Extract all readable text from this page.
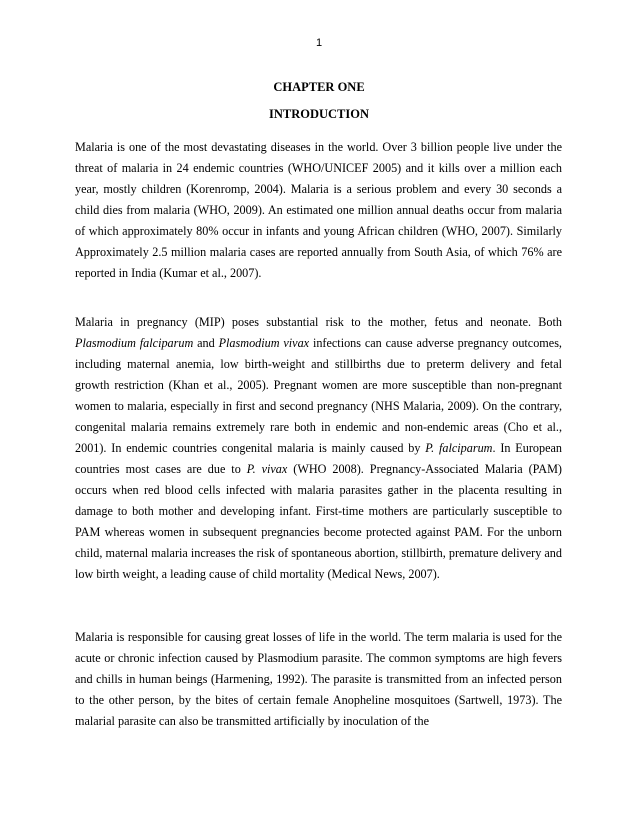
1
CHAPTER ONE
INTRODUCTION

Malaria is one of the most devastating diseases in the world. Over 3 billion people live under the threat of malaria in 24 endemic countries (WHO/UNICEF 2005) and it kills over a million each year, mostly children (Korenromp, 2004). Malaria is a serious problem and every 30 seconds a child dies from malaria (WHO, 2009). An estimated one million annual deaths occur from malaria of which approximately 80% occur in infants and young African children (WHO, 2007). Similarly Approximately 2.5 million malaria cases are reported annually from South Asia, of which 76% are reported in India (Kumar et al., 2007).

Malaria in pregnancy (MIP) poses substantial risk to the mother, fetus and neonate. Both Plasmodium falciparum and Plasmodium vivax infections can cause adverse pregnancy outcomes, including maternal anemia, low birth-weight and stillbirths due to preterm delivery and fetal growth restriction (Khan et al., 2005). Pregnant women are more susceptible than non-pregnant women to malaria, especially in first and second pregnancy (NHS Malaria, 2009). On the contrary, congenital malaria remains extremely rare both in endemic and non-endemic areas (Cho et al., 2001). In endemic countries congenital malaria is mainly caused by P. falciparum. In European countries most cases are due to P. vivax (WHO 2008). Pregnancy-Associated Malaria (PAM) occurs when red blood cells infected with malaria parasites gather in the placenta resulting in damage to both mother and developing infant. First-time mothers are particularly susceptible to PAM whereas women in subsequent pregnancies become protected against PAM. For the unborn child, maternal malaria increases the risk of spontaneous abortion, stillbirth, premature delivery and low birth weight, a leading cause of child mortality (Medical News, 2007).

Malaria is responsible for causing great losses of life in the world. The term malaria is used for the acute or chronic infection caused by Plasmodium parasite. The common symptoms are high fevers and chills in human beings (Harmening, 1992). The parasite is transmitted from an infected person to the other person, by the bites of certain female Anopheline mosquitoes (Sartwell, 1973). The malarial parasite can also be transmitted artificially by inoculation of the
